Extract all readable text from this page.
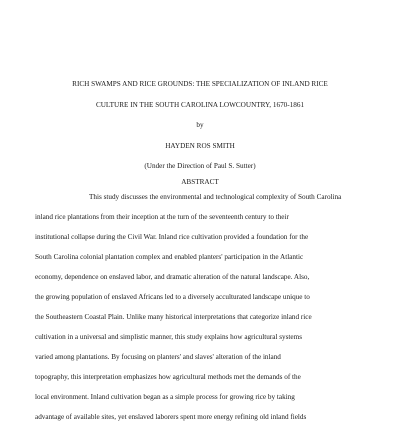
RICH SWAMPS AND RICE GROUNDS: THE SPECIALIZATION OF INLAND RICE
CULTURE IN THE SOUTH CAROLINA LOWCOUNTRY, 1670-1861
by
HAYDEN ROS SMITH
(Under the Direction of Paul S. Sutter)
ABSTRACT
This study discusses the environmental and technological complexity of South Carolina
inland rice plantations from their inception at the turn of the seventeenth century to their
institutional collapse during the Civil War. Inland rice cultivation provided a foundation for the
South Carolina colonial plantation complex and enabled planters' participation in the Atlantic
economy, dependence on enslaved labor, and dramatic alteration of the natural landscape. Also,
the growing population of enslaved Africans led to a diversely acculturated landscape unique to
the Southeastern Coastal Plain. Unlike many historical interpretations that categorize inland rice
cultivation in a universal and simplistic manner, this study explains how agricultural systems
varied among plantations. By focusing on planters' and slaves' alteration of the inland
topography, this interpretation emphasizes how agricultural methods met the demands of the
local environment. Inland cultivation began as a simple process for growing rice by taking
advantage of available sites, yet enslaved laborers spent more energy refining old inland fields
